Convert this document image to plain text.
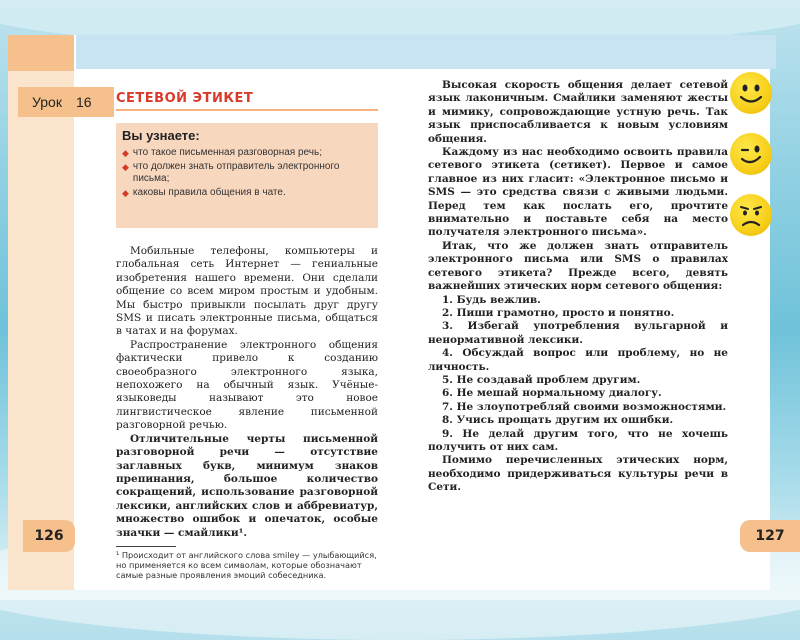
Урок 16 СЕТЕВОЙ ЭТИКЕТ
Вы узнаете:
◆ что такое письменная разговорная речь;
◆ что должен знать отправитель электронного письма;
◆ каковы правила общения в чате.

Мобильные телефоны, компьютеры и глобальная сеть Интернет — гениальные изобретения нашего времени. Они сделали общение со всем миром простым и удобным. Мы быстро привыкли посылать друг другу SMS и писать электронные письма, общаться в чатах и на форумах.

Распространение электронного общения фактически привело к созданию своеобразного электронного языка, непохожего на обычный язык. Учёные-языковеды называют это новое лингвистическое явление письменной разговорной речью.

Отличительные черты письменной разговорной речи — отсутствие заглавных букв, минимум знаков препинания, большое количество сокращений, использование разговорной лексики, английских слов и аббревиатур, множество ошибок и опечаток, особые значки — смайлики¹.

¹ Происходит от английского слова smiley — улыбающийся, но применяется ко всем символам, которые обозначают самые разные проявления эмоций собеседника.

Высокая скорость общения делает сетевой язык лаконичным. Смайлики заменяют жесты и мимику, сопровождающие устную речь. Так язык приспосабливается к новым условиям общения.

Каждому из нас необходимо освоить правила сетевого этикета (сетикет). Первое и самое главное из них гласит: «Электронное письмо и SMS — это средства связи с живыми людьми. Перед тем как послать его, прочтите внимательно и поставьте себя на место получателя электронного письма».

Итак, что же должен знать отправитель электронного письма или SMS о правилах сетевого этикета? Прежде всего, девять важнейших этических норм сетевого общения:

1. Будь вежлив.
2. Пиши грамотно, просто и понятно.
3. Избегай употребления вульгарной и ненормативной лексики.
4. Обсуждай вопрос или проблему, но не личность.
5. Не создавай проблем другим.
6. Не мешай нормальному диалогу.
7. Не злоупотребляй своими возможностями.
8. Учись прощать другим их ошибки.
9. Не делай другим того, что не хочешь получить от них сам.

Помимо перечисленных этических норм, необходимо придерживаться культуры речи в Сети.

126	127
